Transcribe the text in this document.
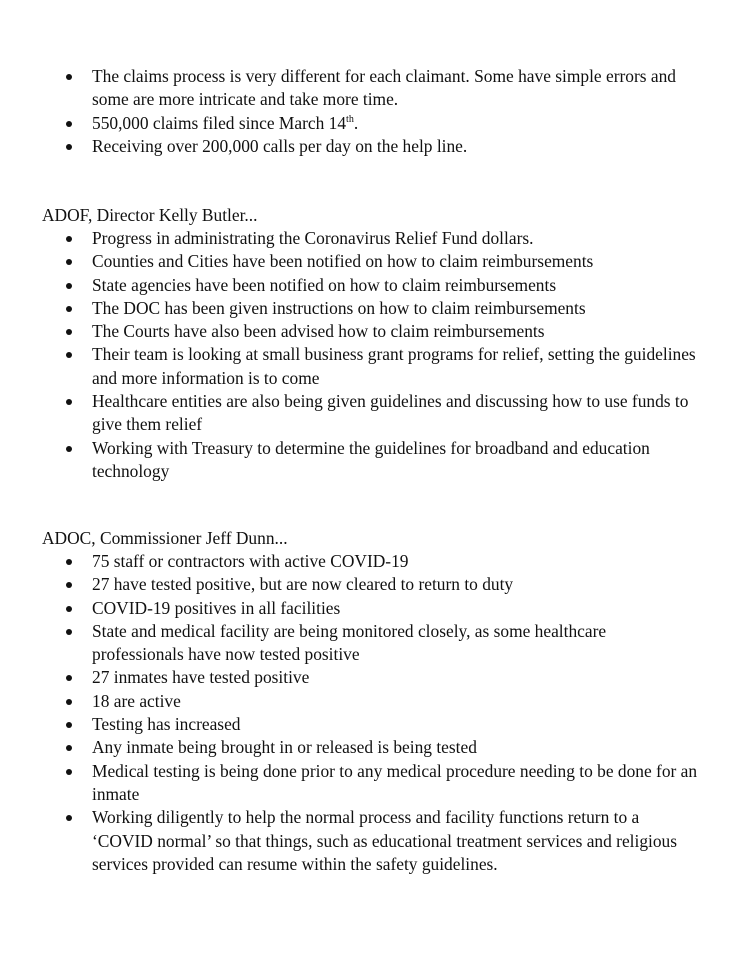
The claims process is very different for each claimant. Some have simple errors and some are more intricate and take more time.
550,000 claims filed since March 14th.
Receiving over 200,000 calls per day on the help line.

ADOF, Director Kelly Butler...

Progress in administrating the Coronavirus Relief Fund dollars.
Counties and Cities have been notified on how to claim reimbursements
State agencies have been notified on how to claim reimbursements
The DOC has been given instructions on how to claim reimbursements
The Courts have also been advised how to claim reimbursements
Their team is looking at small business grant programs for relief, setting the guidelines and more information is to come
Healthcare entities are also being given guidelines and discussing how to use funds to give them relief
Working with Treasury to determine the guidelines for broadband and education technology

ADOC, Commissioner Jeff Dunn...

75 staff or contractors with active COVID-19
27 have tested positive, but are now cleared to return to duty
COVID-19 positives in all facilities
State and medical facility are being monitored closely, as some healthcare professionals have now tested positive
27 inmates have tested positive
18 are active
Testing has increased
Any inmate being brought in or released is being tested
Medical testing is being done prior to any medical procedure needing to be done for an inmate
Working diligently to help the normal process and facility functions return to a ‘COVID normal’ so that things, such as educational treatment services and religious services provided can resume within the safety guidelines.
